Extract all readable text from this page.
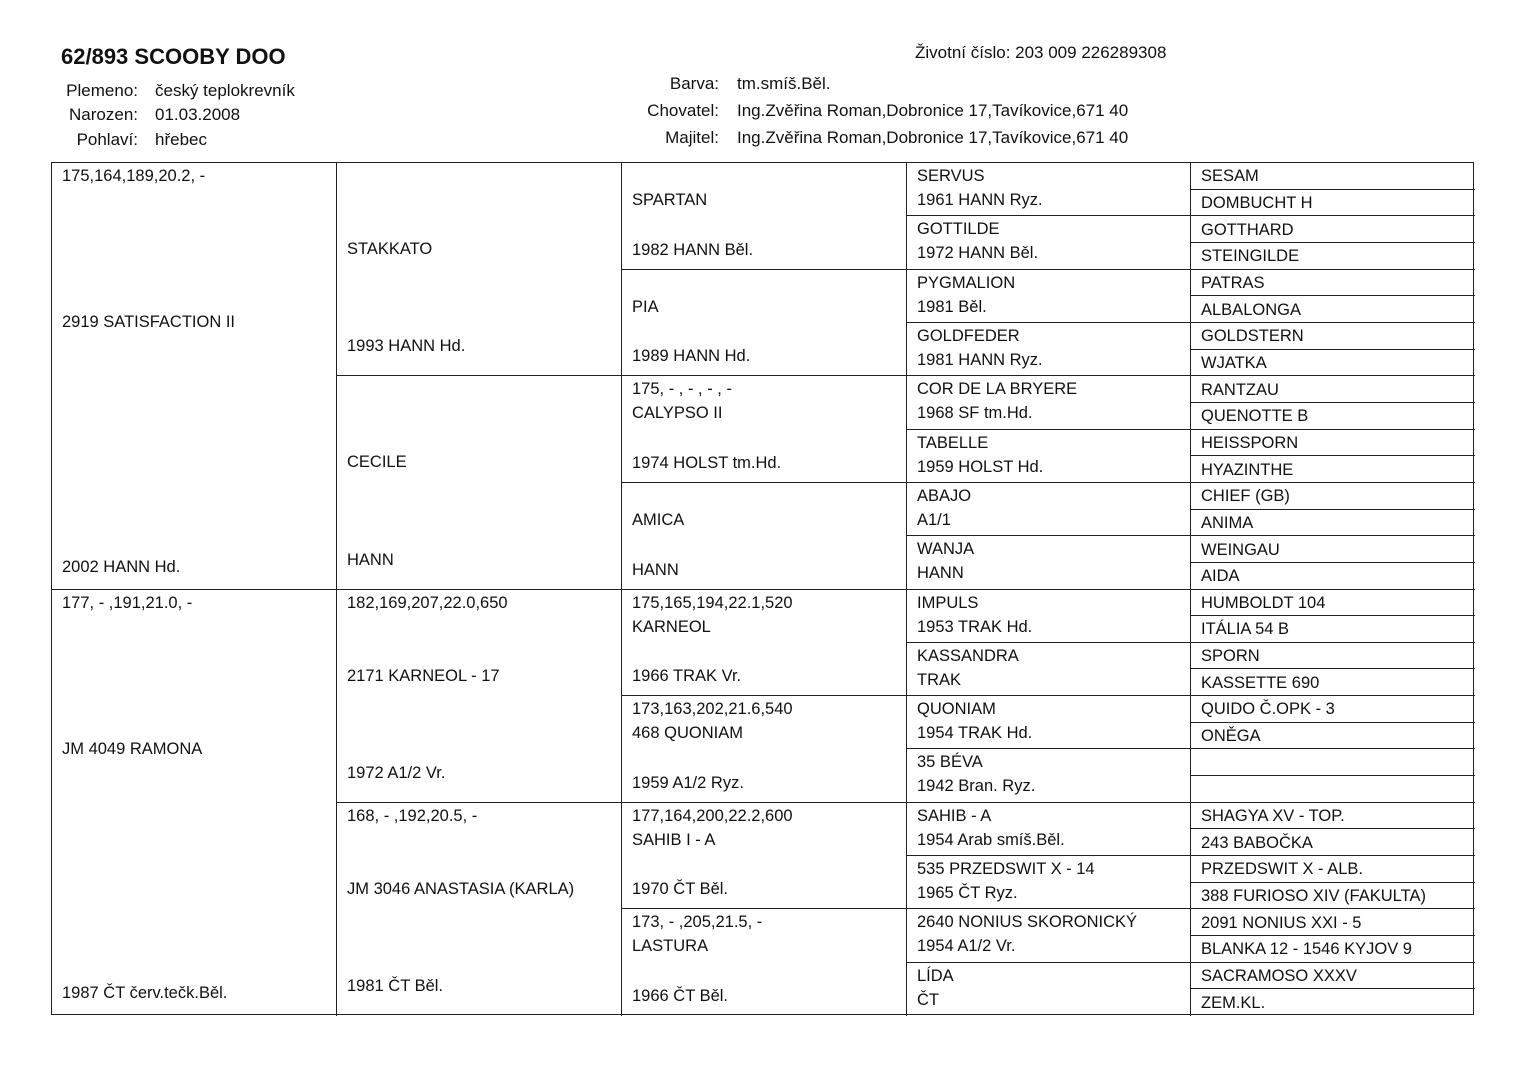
62/893 SCOOBY DOO	Životní číslo: 203 009 226289308
Plemeno: český teplokrevník
Narozen: 01.03.2008
Pohlaví: hřebec
Barva: tm.smíš.Běl.
Chovatel: Ing.Zvěřina Roman,Dobronice 17,Tavíkovice,671 40
Majitel: Ing.Zvěřina Roman,Dobronice 17,Tavíkovice,671 40
175,164,189,20.2, -
2919 SATISFACTION II
2002 HANN Hd.
177, - ,191,21.0, -
JM 4049 RAMONA
1987 ČT červ.tečk.Běl.
STAKKATO
1993 HANN Hd.
CECILE
HANN
182,169,207,22.0,650
2171 KARNEOL - 17
1972 A1/2 Vr.
168, - ,192,20.5, -
JM 3046 ANASTASIA (KARLA)
1981 ČT Běl.
SPARTAN
1982 HANN Běl.
PIA
1989 HANN Hd.
175, - , - , - , -
CALYPSO II
1974 HOLST tm.Hd.
AMICA
HANN
175,165,194,22.1,520
KARNEOL
1966 TRAK Vr.
173,163,202,21.6,540
468 QUONIAM
1959 A1/2 Ryz.
177,164,200,22.2,600
SAHIB I - A
1970 ČT Běl.
173, - ,205,21.5, -
LASTURA
1966 ČT Běl.
SERVUS
1961 HANN Ryz.
GOTTILDE
1972 HANN Běl.
PYGMALION
1981 Běl.
GOLDFEDER
1981 HANN Ryz.
COR DE LA BRYERE
1968 SF tm.Hd.
TABELLE
1959 HOLST Hd.
ABAJO
A1/1
WANJA
HANN
IMPULS
1953 TRAK Hd.
KASSANDRA
TRAK
QUONIAM
1954 TRAK Hd.
35 BÉVA
1942 Bran. Ryz.
SAHIB - A
1954 Arab smíš.Běl.
535 PRZEDSWIT X - 14
1965 ČT Ryz.
2640 NONIUS SKORONICKÝ
1954 A1/2 Vr.
LÍDA
ČT
SESAM
DOMBUCHT H
GOTTHARD
STEINGILDE
PATRAS
ALBALONGA
GOLDSTERN
WJATKA
RANTZAU
QUENOTTE B
HEISSPORN
HYAZINTHE
CHIEF (GB)
ANIMA
WEINGAU
AIDA
HUMBOLDT 104
ITÁLIA 54 B
SPORN
KASSETTE 690
QUIDO Č.OPK - 3
ONĚGA
SHAGYA XV - TOP.
243 BABOČKA
PRZEDSWIT X - ALB.
388 FURIOSO XIV (FAKULTA)
2091 NONIUS XXI - 5
BLANKA 12 - 1546 KYJOV 9
SACRAMOSO XXXV
ZEM.KL.
